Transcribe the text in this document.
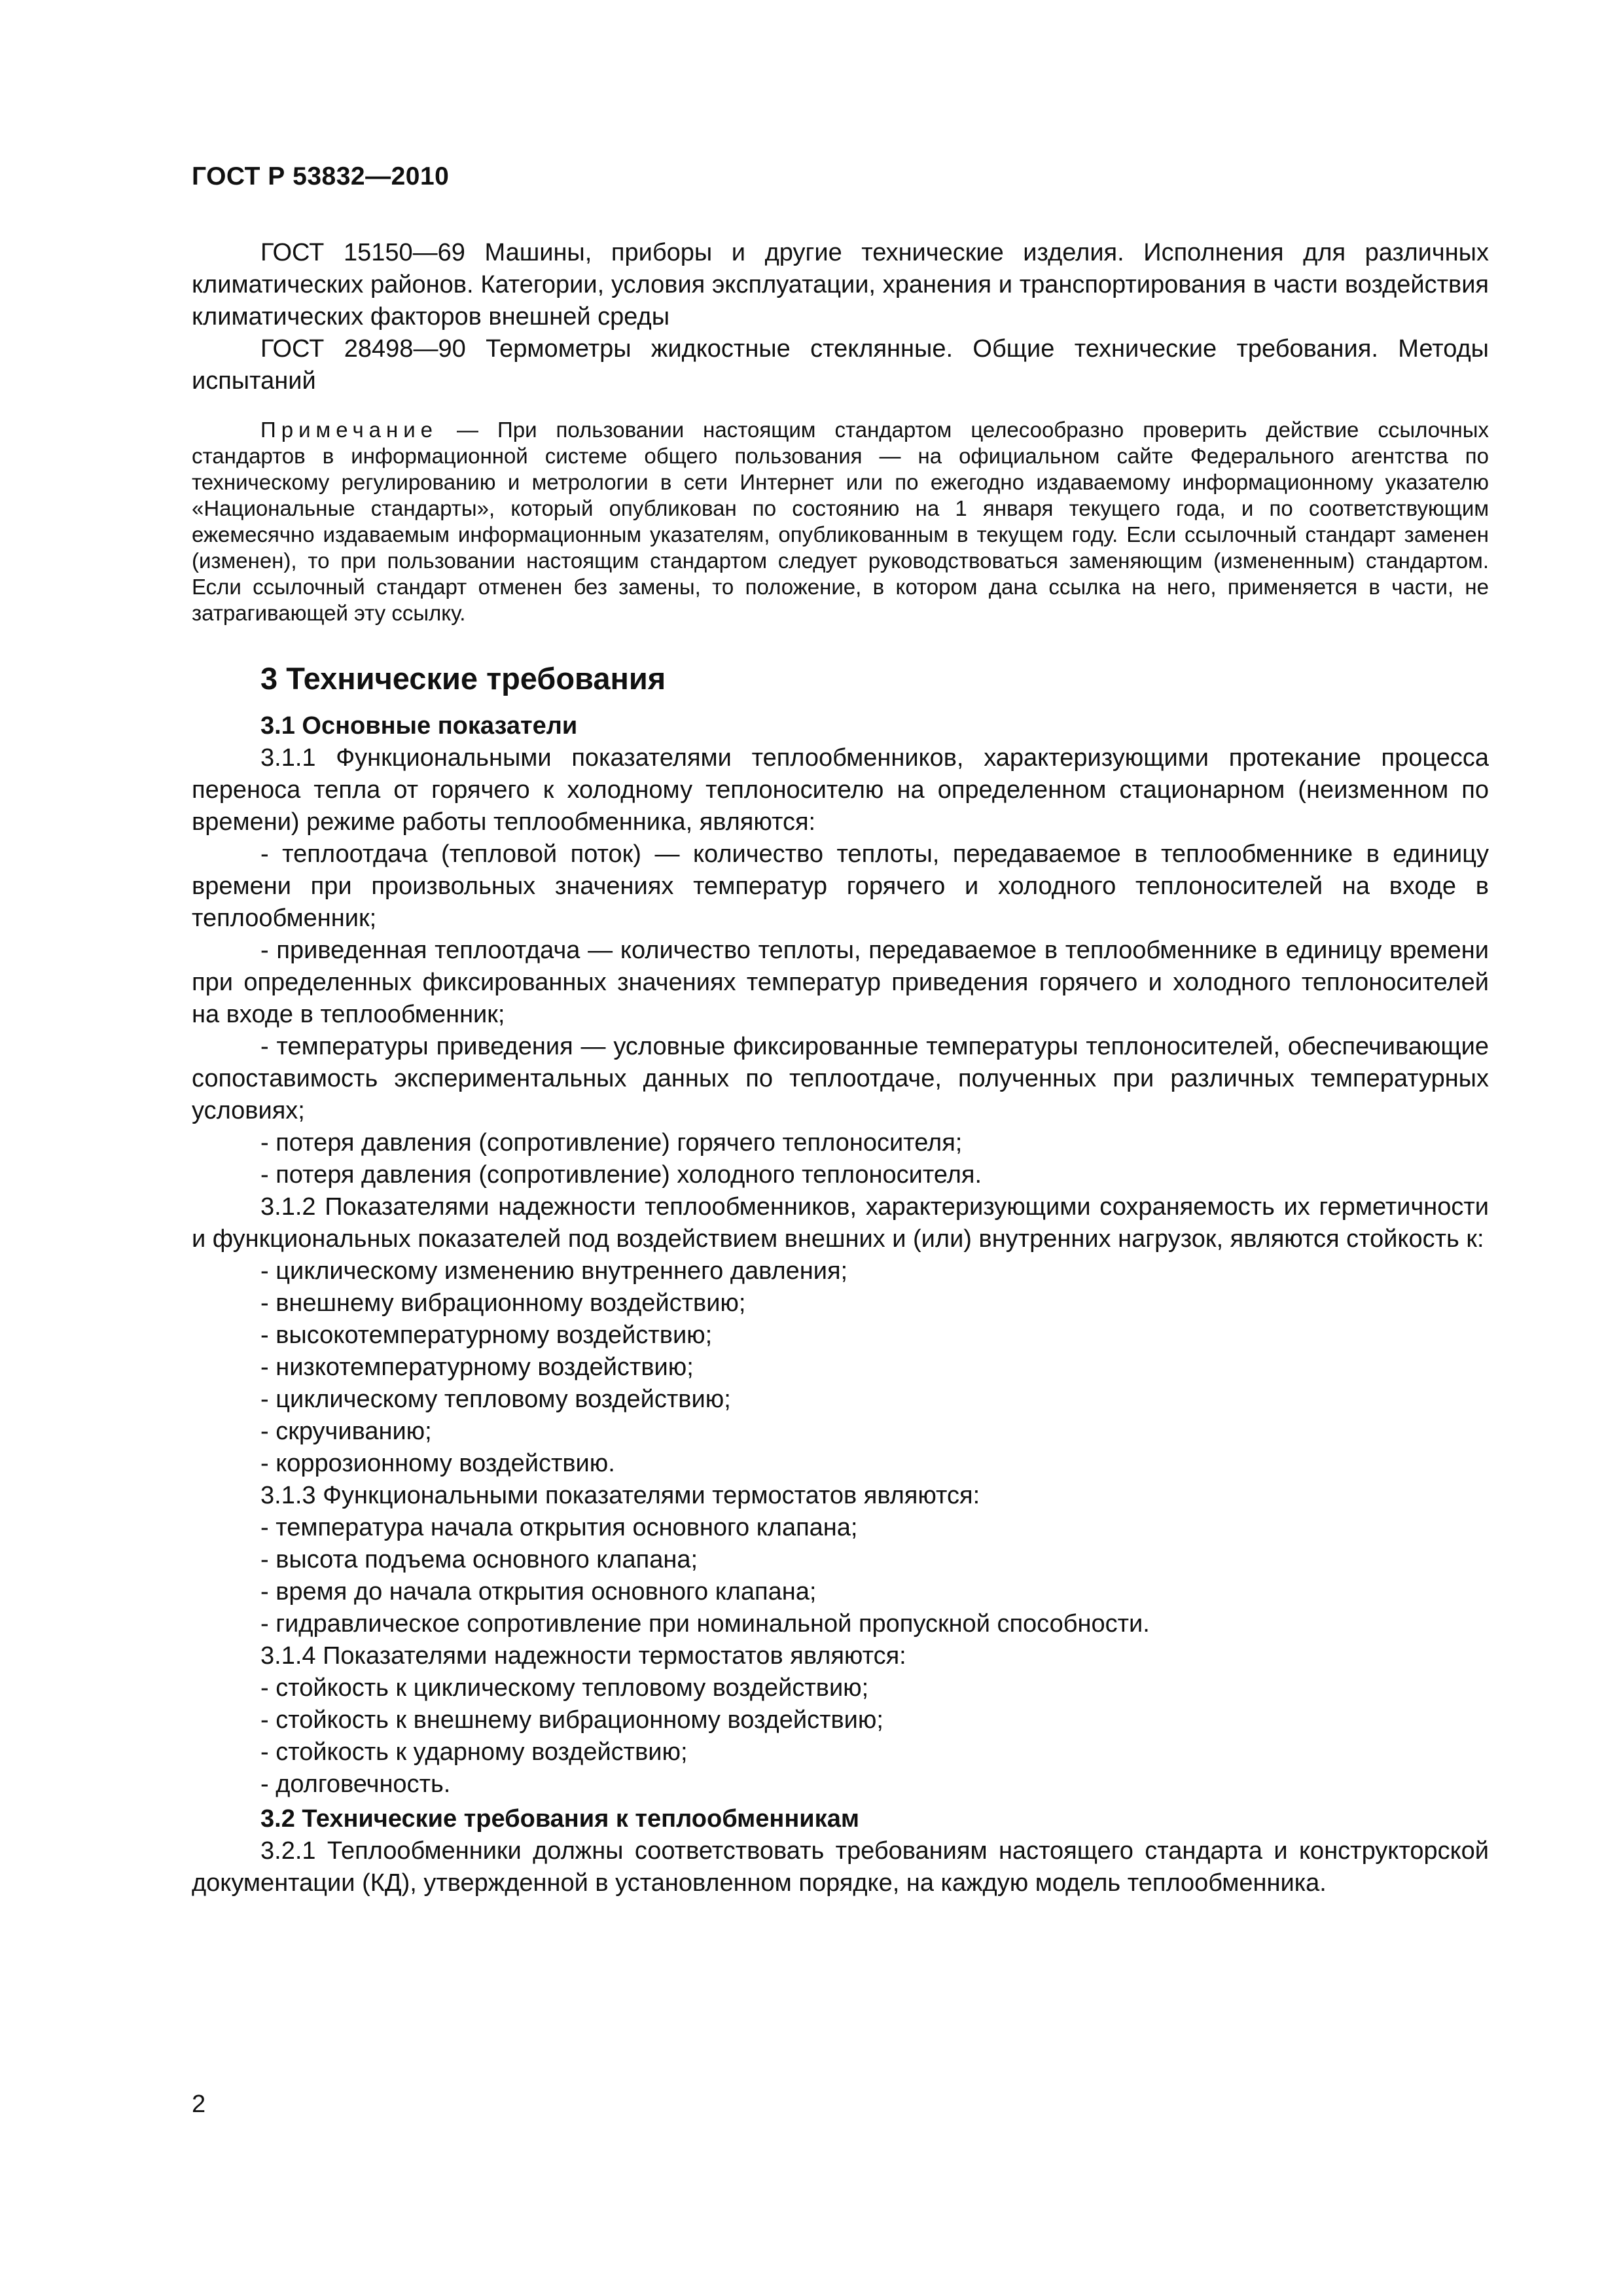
ГОСТ Р 53832—2010

ГОСТ 15150—69 Машины, приборы и другие технические изделия. Исполнения для различных климатических районов. Категории, условия эксплуатации, хранения и транспортирования в части воздействия климатических факторов внешней среды

ГОСТ 28498—90 Термометры жидкостные стеклянные. Общие технические требования. Методы испытаний

Примечание — При пользовании настоящим стандартом целесообразно проверить действие ссылочных стандартов в информационной системе общего пользования — на официальном сайте Федерального агентства по техническому регулированию и метрологии в сети Интернет или по ежегодно издаваемому информационному указателю «Национальные стандарты», который опубликован по состоянию на 1 января текущего года, и по соответствующим ежемесячно издаваемым информационным указателям, опубликованным в текущем году. Если ссылочный стандарт заменен (изменен), то при пользовании настоящим стандартом следует руководствоваться заменяющим (измененным) стандартом. Если ссылочный стандарт отменен без замены, то положение, в котором дана ссылка на него, применяется в части, не затрагивающей эту ссылку.

3 Технические требования
3.1 Основные показатели

3.1.1 Функциональными показателями теплообменников, характеризующими протекание процесса переноса тепла от горячего к холодному теплоносителю на определенном стационарном (неизменном по времени) режиме работы теплообменника, являются:

- теплоотдача (тепловой поток) — количество теплоты, передаваемое в теплообменнике в единицу времени при произвольных значениях температур горячего и холодного теплоносителей на входе в теплообменник;

- приведенная теплоотдача — количество теплоты, передаваемое в теплообменнике в единицу времени при определенных фиксированных значениях температур приведения горячего и холодного теплоносителей на входе в теплообменник;

- температуры приведения — условные фиксированные температуры теплоносителей, обеспечивающие сопоставимость экспериментальных данных по теплоотдаче, полученных при различных температурных условиях;

- потеря давления (сопротивление) горячего теплоносителя;

- потеря давления (сопротивление) холодного теплоносителя.

3.1.2 Показателями надежности теплообменников, характеризующими сохраняемость их герметичности и функциональных показателей под воздействием внешних и (или) внутренних нагрузок, являются стойкость к:

- циклическому изменению внутреннего давления;

- внешнему вибрационному воздействию;

- высокотемпературному воздействию;

- низкотемпературному воздействию;

- циклическому тепловому воздействию;

- скручиванию;

- коррозионному воздействию.

3.1.3 Функциональными показателями термостатов являются:

- температура начала открытия основного клапана;

- высота подъема основного клапана;

- время до начала открытия основного клапана;

- гидравлическое сопротивление при номинальной пропускной способности.

3.1.4 Показателями надежности термостатов являются:

- стойкость к циклическому тепловому воздействию;

- стойкость к внешнему вибрационному воздействию;

- стойкость к ударному воздействию;

- долговечность.

3.2 Технические требования к теплообменникам

3.2.1 Теплообменники должны соответствовать требованиям настоящего стандарта и конструкторской документации (КД), утвержденной в установленном порядке, на каждую модель теплообменника.

2
